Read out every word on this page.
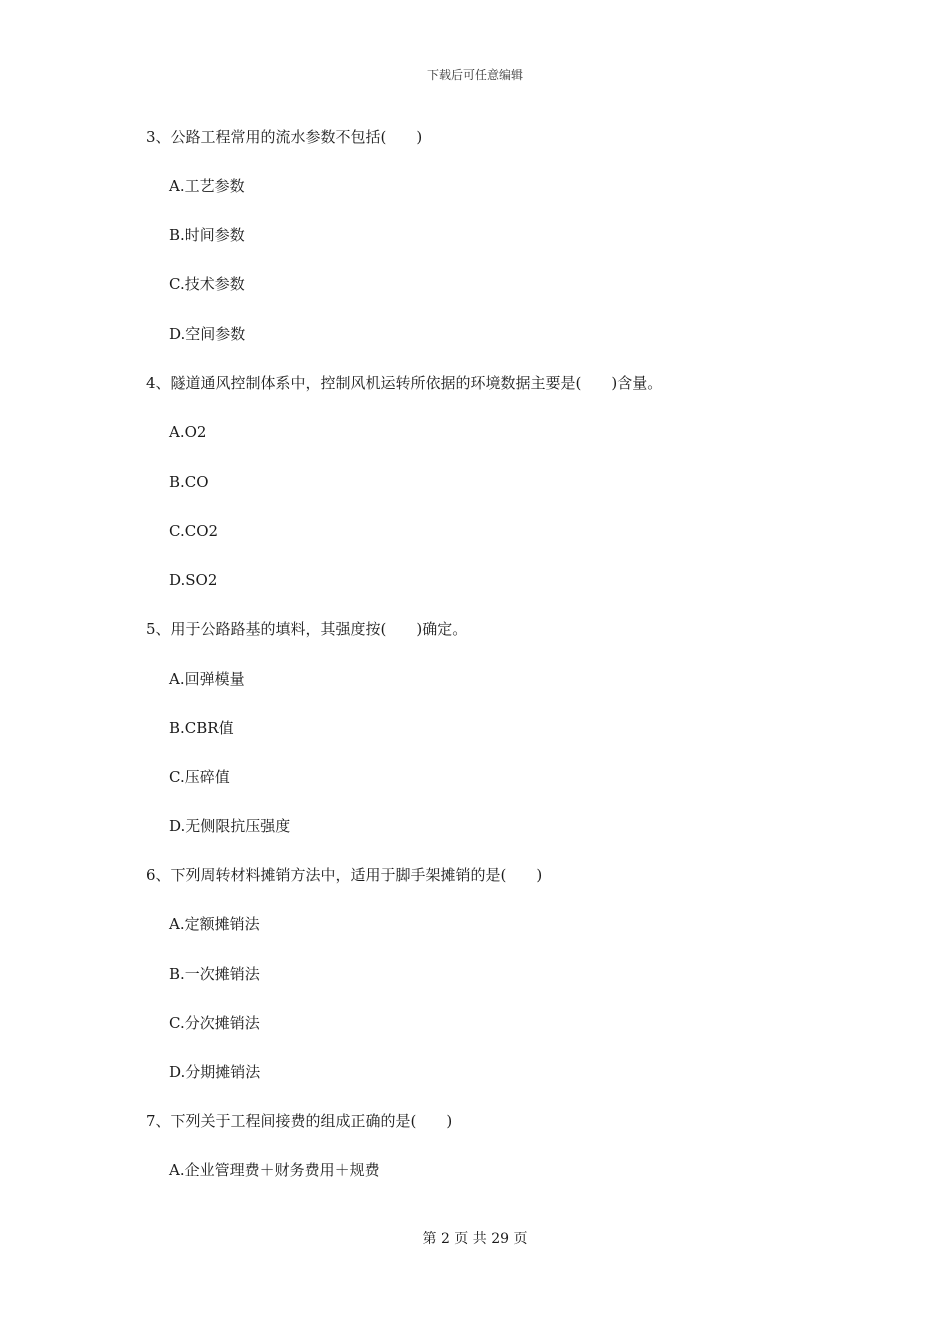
下载后可任意编辑
3、公路工程常用的流水参数不包括(　　)
A.工艺参数
B.时间参数
C.技术参数
D.空间参数
4、隧道通风控制体系中，控制风机运转所依据的环境数据主要是(　　)含量。
A.O2
B.CO
C.CO2
D.SO2
5、用于公路路基的填料，其强度按(　　)确定。
A.回弹模量
B.CBR值
C.压碎值
D.无侧限抗压强度
6、下列周转材料摊销方法中，适用于脚手架摊销的是(　　)
A.定额摊销法
B.一次摊销法
C.分次摊销法
D.分期摊销法
7、下列关于工程间接费的组成正确的是(　　)
A.企业管理费＋财务费用＋规费
第 2 页 共 29 页
